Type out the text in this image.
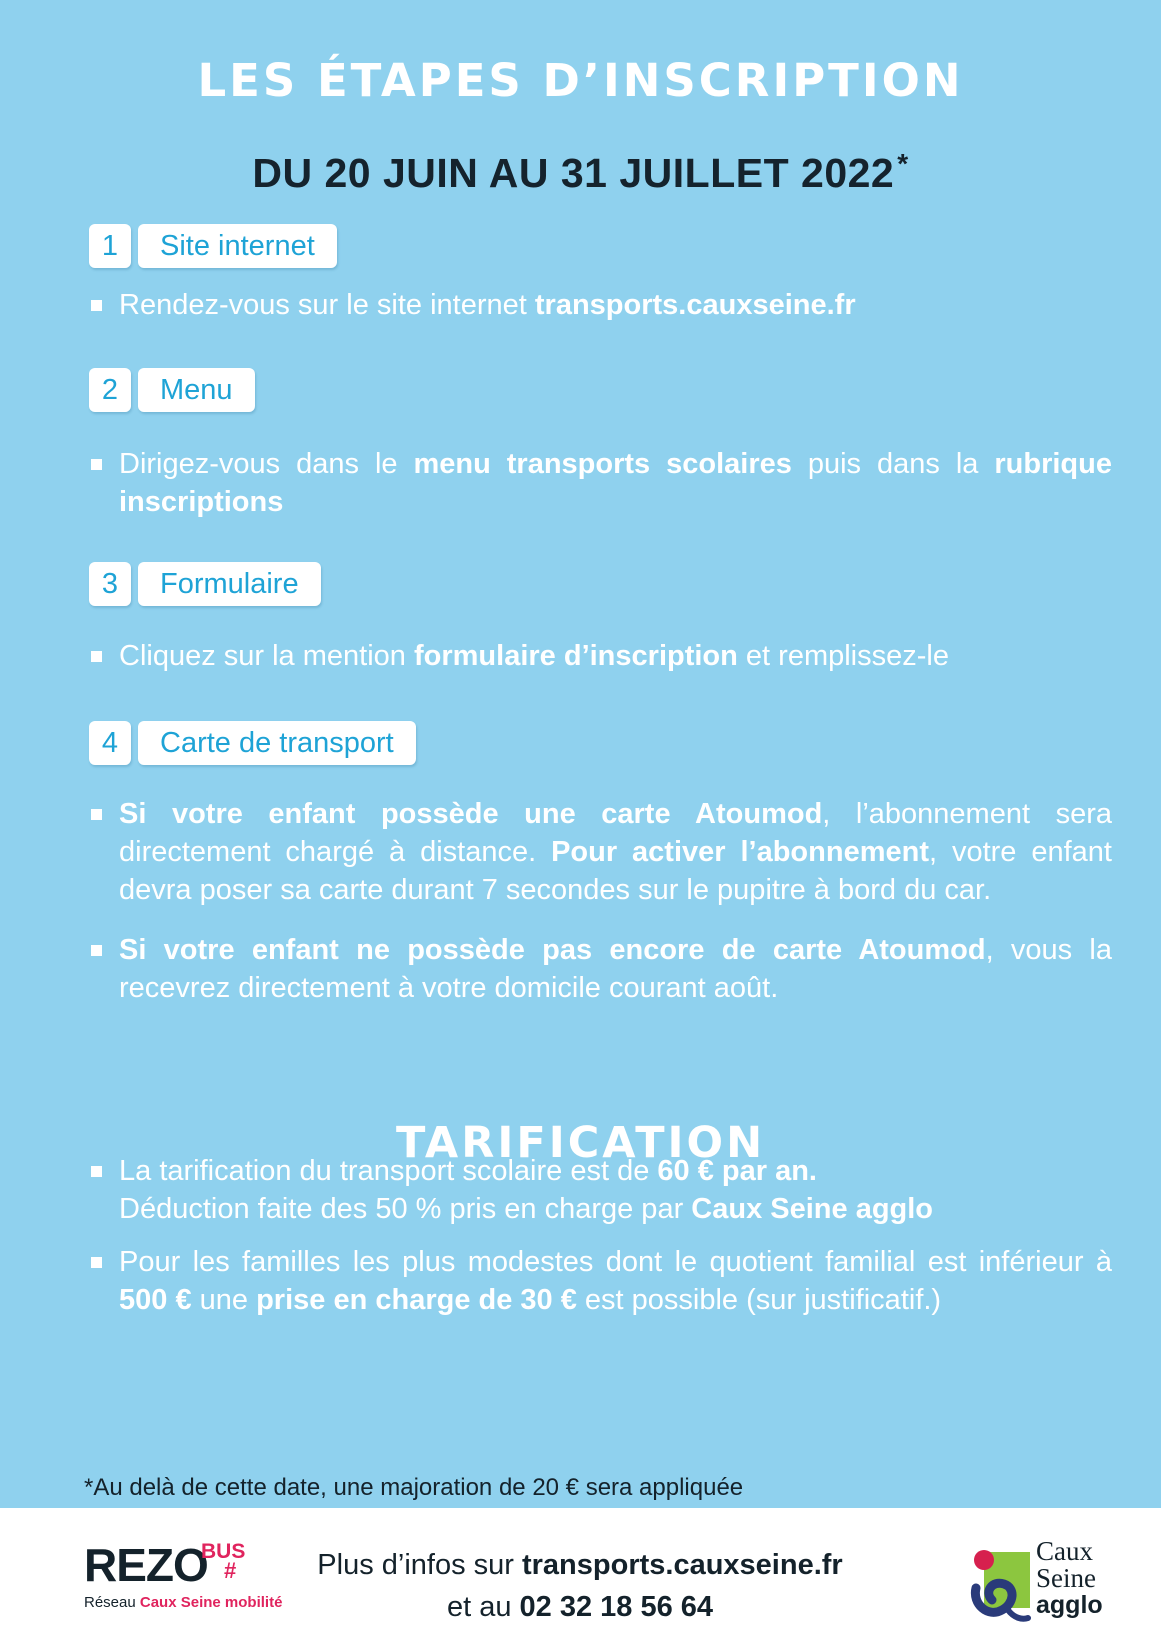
LES ÉTAPES D’INSCRIPTION
DU 20 JUIN AU 31 JUILLET 2022 *
1	Site internet
Rendez-vous sur le site internet transports.cauxseine.fr
2	Menu
Dirigez-vous dans le menu transports scolaires puis dans la rubrique inscriptions
3	Formulaire
Cliquez sur la mention formulaire d’inscription et remplissez-le
4	Carte de transport
Si votre enfant possède une carte Atoumod, l’abonnement sera directement chargé à distance. Pour activer l’abonnement, votre enfant devra poser sa carte durant 7 secondes sur le pupitre à bord du car.
Si votre enfant ne possède pas encore de carte Atoumod, vous la recevrez directement à votre domicile courant août.
TARIFICATION
La tarification du transport scolaire est de 60 € par an.
Déduction faite des 50 % pris en charge par Caux Seine agglo
Pour les familles les plus modestes dont le quotient familial est inférieur à 500 € une prise en charge de 30 € est possible (sur justificatif.)
*Au delà de cette date, une majoration de 20 € sera appliquée
REZO
BUS
#
Réseau Caux Seine mobilité
Plus d’infos sur transports.cauxseine.fr
et au 02 32 18 56 64
Caux
Seine
agglo
